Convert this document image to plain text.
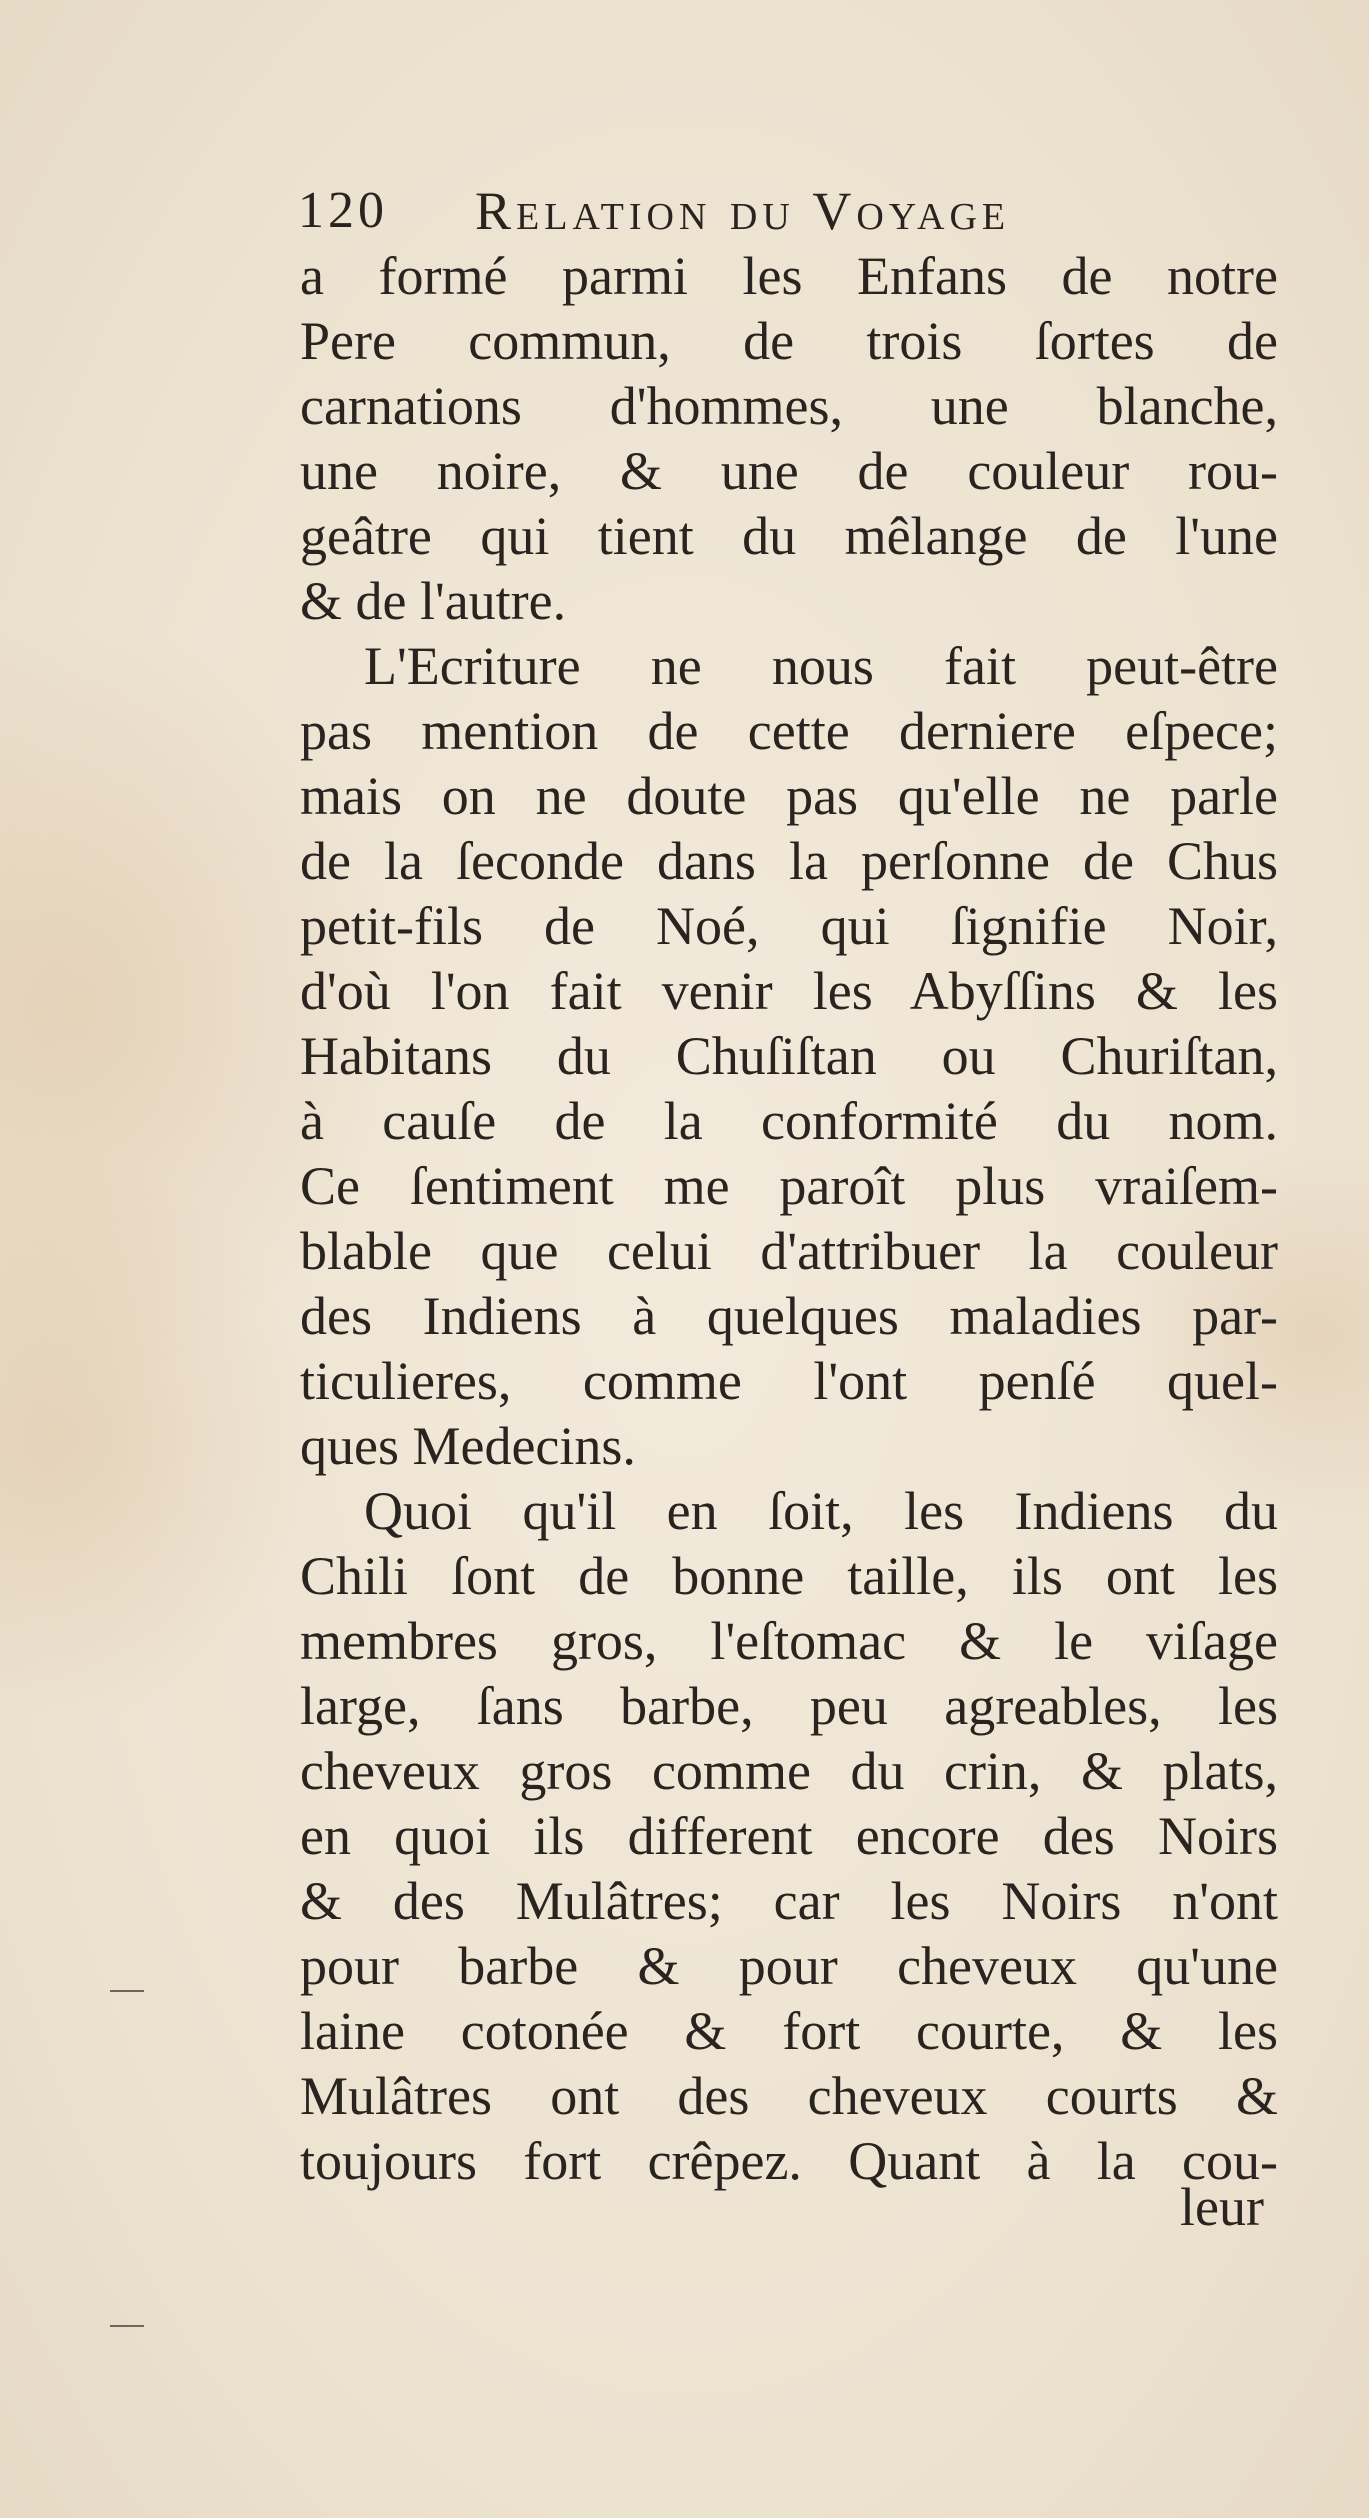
120 Relation du Voyage
a formé parmi les Enfans de notre
Pere commun, de trois ſortes de
carnations d'hommes, une blanche,
une noire, & une de couleur rou-
geâtre qui tient du mêlange de l'une
& de l'autre.
L'Ecriture ne nous fait peut-être
pas mention de cette derniere eſpece;
mais on ne doute pas qu'elle ne parle
de la ſeconde dans la perſonne de Chus
petit-fils de Noé, qui ſignifie Noir,
d'où l'on fait venir les Abyſſins & les
Habitans du Chuſiſtan ou Churiſtan,
à cauſe de la conformité du nom.
Ce ſentiment me paroît plus vraiſem-
blable que celui d'attribuer la couleur
des Indiens à quelques maladies par-
ticulieres, comme l'ont penſé quel-
ques Medecins.
Quoi qu'il en ſoit, les Indiens du
Chili ſont de bonne taille, ils ont les
membres gros, l'eſtomac & le viſage
large, ſans barbe, peu agreables, les
cheveux gros comme du crin, & plats,
en quoi ils different encore des Noirs
& des Mulâtres; car les Noirs n'ont
pour barbe & pour cheveux qu'une
laine cotonée & fort courte, & les
Mulâtres ont des cheveux courts &
toujours fort crêpez. Quant à la cou-
leur
